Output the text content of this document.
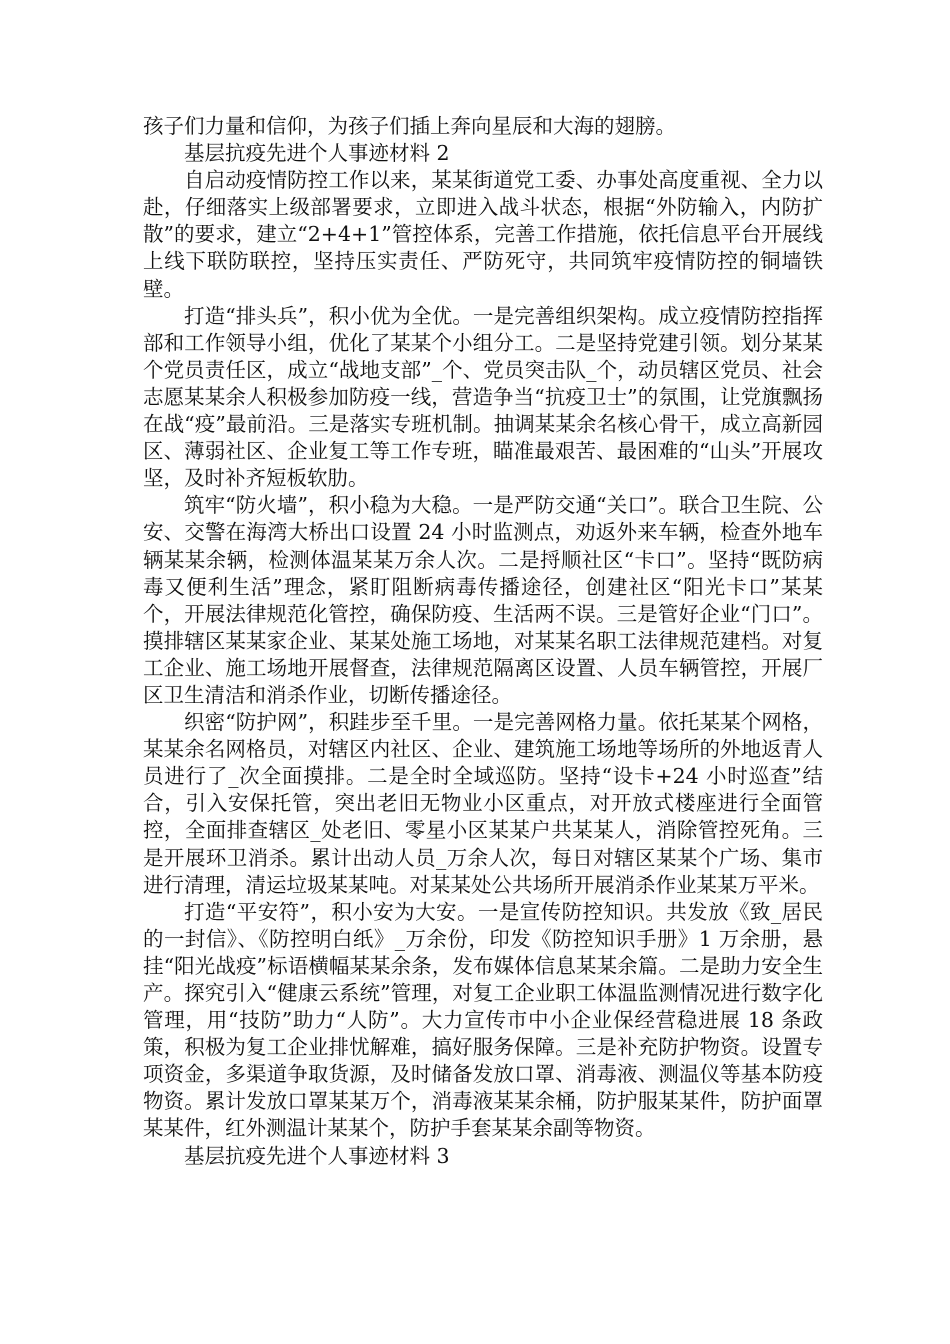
孩子们力量和信仰，为孩子们插上奔向星辰和大海的翅膀。

基层抗疫先进个人事迹材料 2

自启动疫情防控工作以来，某某街道党工委、办事处高度重视、全力以赴，仔细落实上级部署要求，立即进入战斗状态，根据“外防输入，内防扩散”的要求，建立“2+4+1”管控体系，完善工作措施，依托信息平台开展线上线下联防联控，坚持压实责任、严防死守，共同筑牢疫情防控的铜墙铁壁。

打造“排头兵”，积小优为全优。一是完善组织架构。成立疫情防控指挥部和工作领导小组，优化了某某个小组分工。二是坚持党建引领。划分某某个党员责任区，成立“战地支部”_个、党员突击队_个，动员辖区党员、社会志愿某某余人积极参加防疫一线，营造争当“抗疫卫士”的氛围，让党旗飘扬在战“疫”最前沿。三是落实专班机制。抽调某某余名核心骨干，成立高新园区、薄弱社区、企业复工等工作专班，瞄准最艰苦、最困难的“山头”开展攻坚，及时补齐短板软肋。

筑牢“防火墙”，积小稳为大稳。一是严防交通“关口”。联合卫生院、公安、交警在海湾大桥出口设置 24 小时监测点，劝返外来车辆，检查外地车辆某某余辆，检测体温某某万余人次。二是捋顺社区“卡口”。坚持“既防病毒又便利生活”理念，紧盯阻断病毒传播途径，创建社区“阳光卡口”某某个，开展法律规范化管控，确保防疫、生活两不误。三是管好企业“门口”。摸排辖区某某家企业、某某处施工场地，对某某名职工法律规范建档。对复工企业、施工场地开展督查，法律规范隔离区设置、人员车辆管控，开展厂区卫生清洁和消杀作业，切断传播途径。

织密“防护网”，积跬步至千里。一是完善网格力量。依托某某个网格，某某余名网格员，对辖区内社区、企业、建筑施工场地等场所的外地返青人员进行了_次全面摸排。二是全时全域巡防。坚持“设卡+24 小时巡查”结合，引入安保托管，突出老旧无物业小区重点，对开放式楼座进行全面管控，全面排查辖区_处老旧、零星小区某某户共某某人，消除管控死角。三是开展环卫消杀。累计出动人员_万余人次，每日对辖区某某个广场、集市进行清理，清运垃圾某某吨。对某某处公共场所开展消杀作业某某万平米。

打造“平安符”，积小安为大安。一是宣传防控知识。共发放《致_居民的一封信》、《防控明白纸》_万余份，印发《防控知识手册》1 万余册，悬挂“阳光战疫”标语横幅某某余条，发布媒体信息某某余篇。二是助力安全生产。探究引入“健康云系统”管理，对复工企业职工体温监测情况进行数字化管理，用“技防”助力“人防”。大力宣传市中小企业保经营稳进展 18 条政策，积极为复工企业排忧解难，搞好服务保障。三是补充防护物资。设置专项资金，多渠道争取货源，及时储备发放口罩、消毒液、测温仪等基本防疫物资。累计发放口罩某某万个，消毒液某某余桶，防护服某某件，防护面罩某某件，红外测温计某某个，防护手套某某余副等物资。

基层抗疫先进个人事迹材料 3
